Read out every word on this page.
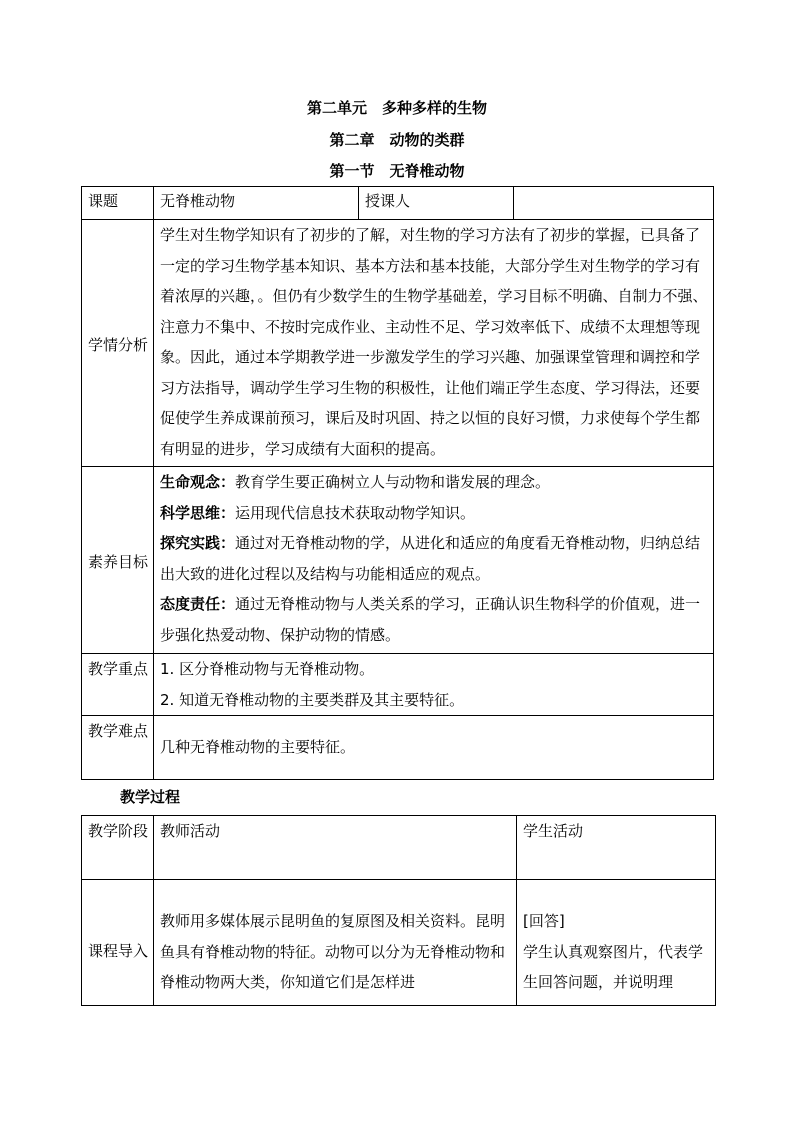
第二单元　多种多样的生物
第二章　动物的类群
第一节　无脊椎动物
课题	无脊椎动物	授课人	
学情分析	学生对生物学知识有了初步的了解，对生物的学习方法有了初步的掌握，已具备了一定的学习生物学基本知识、基本方法和基本技能，大部分学生对生物学的学习有着浓厚的兴趣，。但仍有少数学生的生物学基础差，学习目标不明确、自制力不强、注意力不集中、不按时完成作业、主动性不足、学习效率低下、成绩不太理想等现象。因此，通过本学期教学进一步激发学生的学习兴趣、加强课堂管理和调控和学习方法指导，调动学生学习生物的积极性，让他们端正学生态度、学习得法，还要促使学生养成课前预习，课后及时巩固、持之以恒的良好习惯，力求使每个学生都有明显的进步，学习成绩有大面积的提高。		
素养目标	生命观念：教育学生要正确树立人与动物和谐发展的理念。

科学思维：运用现代信息技术获取动物学知识。

探究实践：通过对无脊椎动物的学，从进化和适应的角度看无脊椎动物，归纳总结出大致的进化过程以及结构与功能相适应的观点。

态度责任：通过无脊椎动物与人类关系的学习，正确认识生物科学的价值观，进一步强化热爱动物、保护动物的情感。		

教学重点	1. 区分脊椎动物与无脊椎动物。

2. 知道无脊椎动物的主要类群及其主要特征。		

教学难点	几种无脊椎动物的主要特征。		
教学过程
教学阶段	教师活动	学生活动
课程导入	教师用多媒体展示昆明鱼的复原图及相关资料。昆明鱼具有脊椎动物的特征。动物可以分为无脊椎动物和脊椎动物两大类，你知道它们是怎样进	[回答]

学生认真观察图片，代表学生回答问题，并说明理
